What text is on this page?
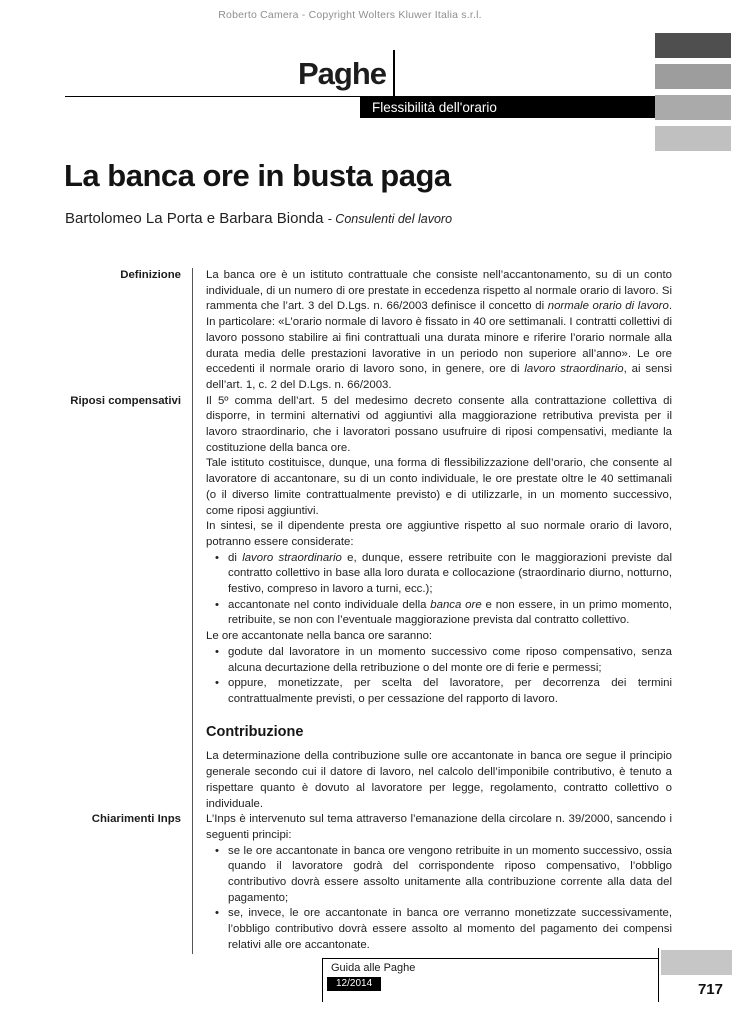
Roberto Camera - Copyright Wolters Kluwer Italia s.r.l.
Paghe
Flessibilità dell'orario
La banca ore in busta paga
Bartolomeo La Porta e Barbara Bionda - Consulenti del lavoro
Definizione	La banca ore è un istituto contrattuale che consiste nell’accantonamento, su di un conto individuale, di un numero di ore prestate in eccedenza rispetto al normale orario di lavoro. Si rammenta che l’art. 3 del D.Lgs. n. 66/2003 definisce il concetto di normale orario di lavoro. In particolare: «L’orario normale di lavoro è fissato in 40 ore settimanali. I contratti collettivi di lavoro possono stabilire ai fini contrattuali una durata minore e riferire l’orario normale alla durata media delle prestazioni lavorative in un periodo non superiore all’anno». Le ore eccedenti il normale orario di lavoro sono, in genere, ore di lavoro straordinario, ai sensi dell’art. 1, c. 2 del D.Lgs. n. 66/2003.

Riposi compensativi	Il 5º comma dell’art. 5 del medesimo decreto consente alla contrattazione collettiva di disporre, in termini alternativi od aggiuntivi alla maggiorazione retributiva prevista per il lavoro straordinario, che i lavoratori possano usufruire di riposi compensativi, mediante la costituzione della banca ore.

Tale istituto costituisce, dunque, una forma di flessibilizzazione dell’orario, che consente al lavoratore di accantonare, su di un conto individuale, le ore prestate oltre le 40 settimanali (o il diverso limite contrattualmente previsto) e di utilizzarle, in un momento successivo, come riposi aggiuntivi.

In sintesi, se il dipendente presta ore aggiuntive rispetto al suo normale orario di lavoro, potranno essere considerate:

• di lavoro straordinario e, dunque, essere retribuite con le maggiorazioni previste dal contratto collettivo in base alla loro durata e collocazione (straordinario diurno, notturno, festivo, compreso in lavoro a turni, ecc.);
• accantonate nel conto individuale della banca ore e non essere, in un primo momento, retribuite, se non con l’eventuale maggiorazione prevista dal contratto collettivo.

Le ore accantonate nella banca ore saranno:

• godute dal lavoratore in un momento successivo come riposo compensativo, senza alcuna decurtazione della retribuzione o del monte ore di ferie e permessi;
• oppure, monetizzate, per scelta del lavoratore, per decorrenza dei termini contrattualmente previsti, o per cessazione del rapporto di lavoro.
Contribuzione

La determinazione della contribuzione sulle ore accantonate in banca ore segue il principio generale secondo cui il datore di lavoro, nel calcolo dell’imponibile contributivo, è tenuto a rispettare quanto è dovuto al lavoratore per legge, regolamento, contratto collettivo o individuale.

Chiarimenti Inps	L’Inps è intervenuto sul tema attraverso l’emanazione della circolare n. 39/2000, sancendo i seguenti principi:

• se le ore accantonate in banca ore vengono retribuite in un momento successivo, ossia quando il lavoratore godrà del corrispondente riposo compensativo, l’obbligo contributivo dovrà essere assolto unitamente alla contribuzione corrente alla data del pagamento;
• se, invece, le ore accantonate in banca ore verranno monetizzate successivamente, l’obbligo contributivo dovrà essere assolto al momento del pagamento dei compensi relativi alle ore accantonate.
Guida alle Paghe
12/2014	717
